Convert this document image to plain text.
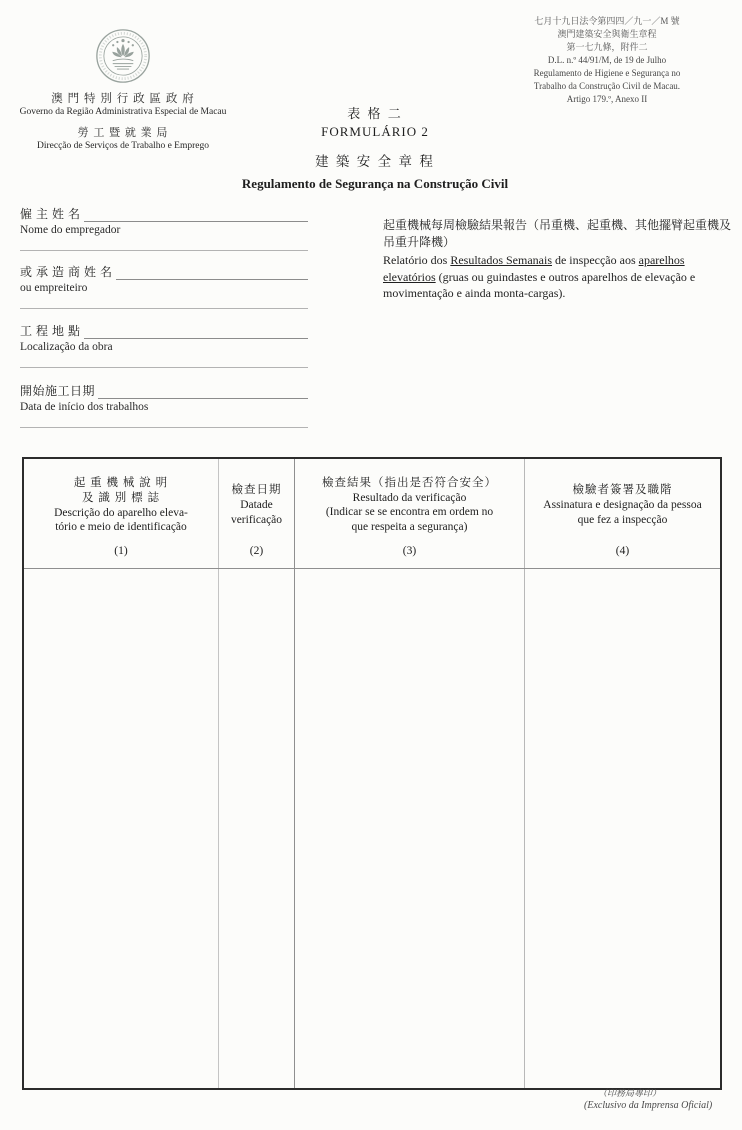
澳 門 特 別 行 政 區 政 府
Governo da Região Administrativa Especial de Macau
勞 工 暨 就 業 局
Direcção de Serviços de Trabalho e Emprego
七月十九日法令第四四／九一／M 號
澳門建築安全與衛生章程
第一七九條，附件二
D.L. n.º 44/91/M, de 19 de Julho
Regulamento de Higiene e Segurança no
Trabalho da Construção Civil de Macau.
Artigo 179.º, Anexo II
表 格 二
FORMULÁRIO 2
建 築 安 全 章 程
Regulamento de Segurança na Construção Civil
僱 主 姓 名
Nome do empregador
或 承 造 商 姓 名
ou empreiteiro
工 程 地 點
Localização da obra
開始施工日期
Data de início dos trabalhos
起重機械每周檢驗結果報告（吊重機、起重機、其他擺臂起重機及吊重升降機）
Relatório dos Resultados Semanais de inspecção aos aparelhos elevatórios (gruas ou guindastes e outros aparelhos de elevação e movimentação e ainda monta-cargas).
起 重 機 械 說 明
及 識 別 標 誌
Descrição do aparelho eleva-
tório e meio de identificação
(1)
檢查日期
Datade
verificação
(2)
檢查結果（指出是否符合安全）
Resultado da verificação
(Indicar se se encontra em ordem no
que respeita a segurança)
(3)
檢驗者簽署及職階
Assinatura e designação da pessoa
que fez a inspecção
(4)
（印務局專印）
(Exclusivo da Imprensa Oficial)
